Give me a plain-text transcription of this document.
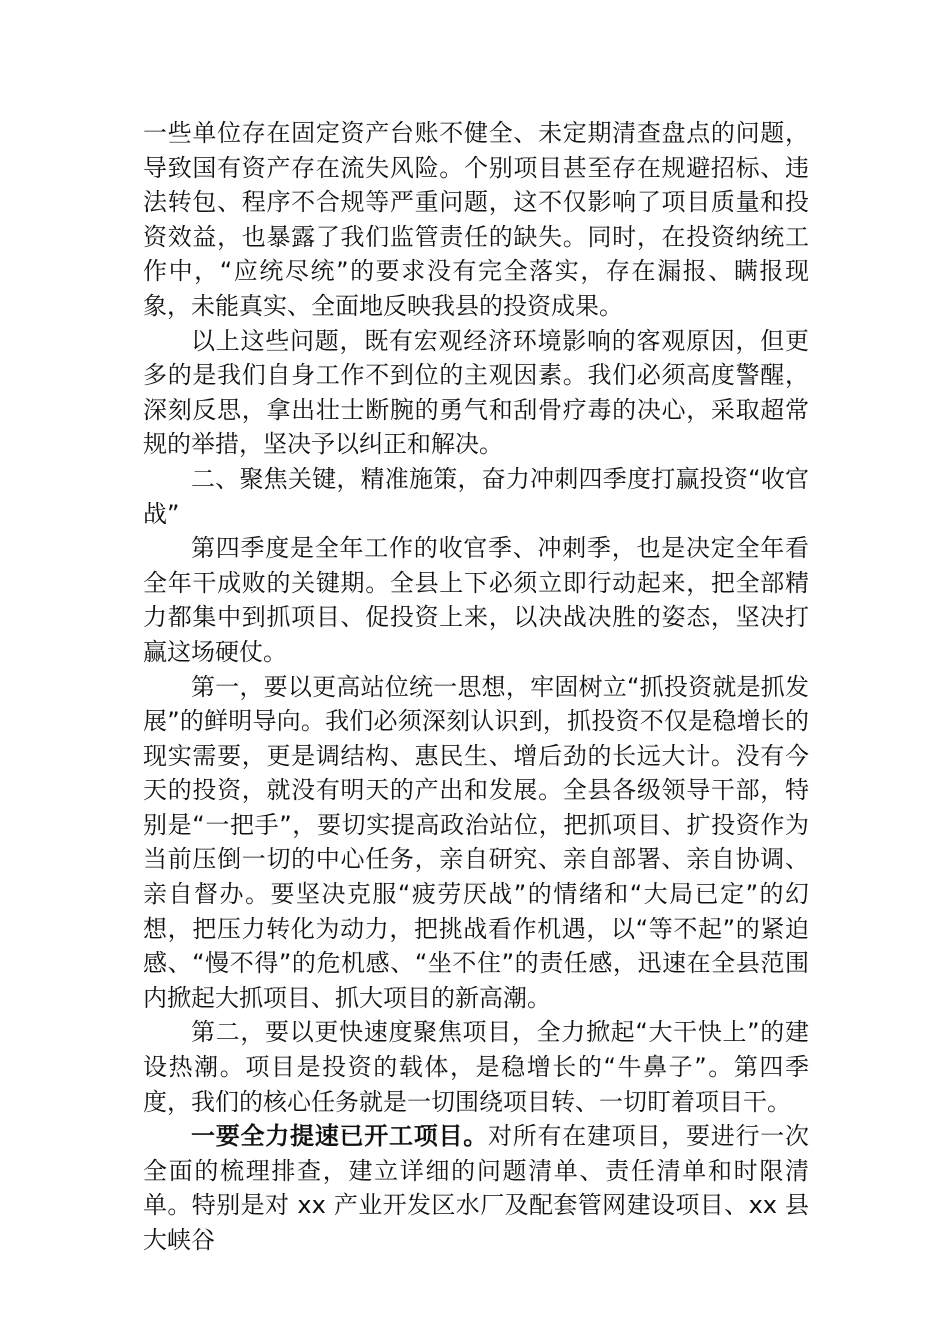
一些单位存在固定资产台账不健全、未定期清查盘点的问题，导致国有资产存在流失风险。个别项目甚至存在规避招标、违法转包、程序不合规等严重问题，这不仅影响了项目质量和投资效益，也暴露了我们监管责任的缺失。同时，在投资纳统工作中，“应统尽统”的要求没有完全落实，存在漏报、瞒报现象，未能真实、全面地反映我县的投资成果。

以上这些问题，既有宏观经济环境影响的客观原因，但更多的是我们自身工作不到位的主观因素。我们必须高度警醒，深刻反思，拿出壮士断腕的勇气和刮骨疗毒的决心，采取超常规的举措，坚决予以纠正和解决。

二、聚焦关键，精准施策，奋力冲刺四季度打赢投资“收官战”

第四季度是全年工作的收官季、冲刺季，也是决定全年看全年干成败的关键期。全县上下必须立即行动起来，把全部精力都集中到抓项目、促投资上来，以决战决胜的姿态，坚决打赢这场硬仗。

第一，要以更高站位统一思想，牢固树立“抓投资就是抓发展”的鲜明导向。我们必须深刻认识到，抓投资不仅是稳增长的现实需要，更是调结构、惠民生、增后劲的长远大计。没有今天的投资，就没有明天的产出和发展。全县各级领导干部，特别是“一把手”，要切实提高政治站位，把抓项目、扩投资作为当前压倒一切的中心任务，亲自研究、亲自部署、亲自协调、亲自督办。要坚决克服“疲劳厌战”的情绪和“大局已定”的幻想，把压力转化为动力，把挑战看作机遇，以“等不起”的紧迫感、“慢不得”的危机感、“坐不住”的责任感，迅速在全县范围内掀起大抓项目、抓大项目的新高潮。

第二，要以更快速度聚焦项目，全力掀起“大干快上”的建设热潮。项目是投资的载体，是稳增长的“牛鼻子”。第四季度，我们的核心任务就是一切围绕项目转、一切盯着项目干。

一要全力提速已开工项目。对所有在建项目，要进行一次全面的梳理排查，建立详细的问题清单、责任清单和时限清单。特别是对 xx 产业开发区水厂及配套管网建设项目、xx 县大峡谷
